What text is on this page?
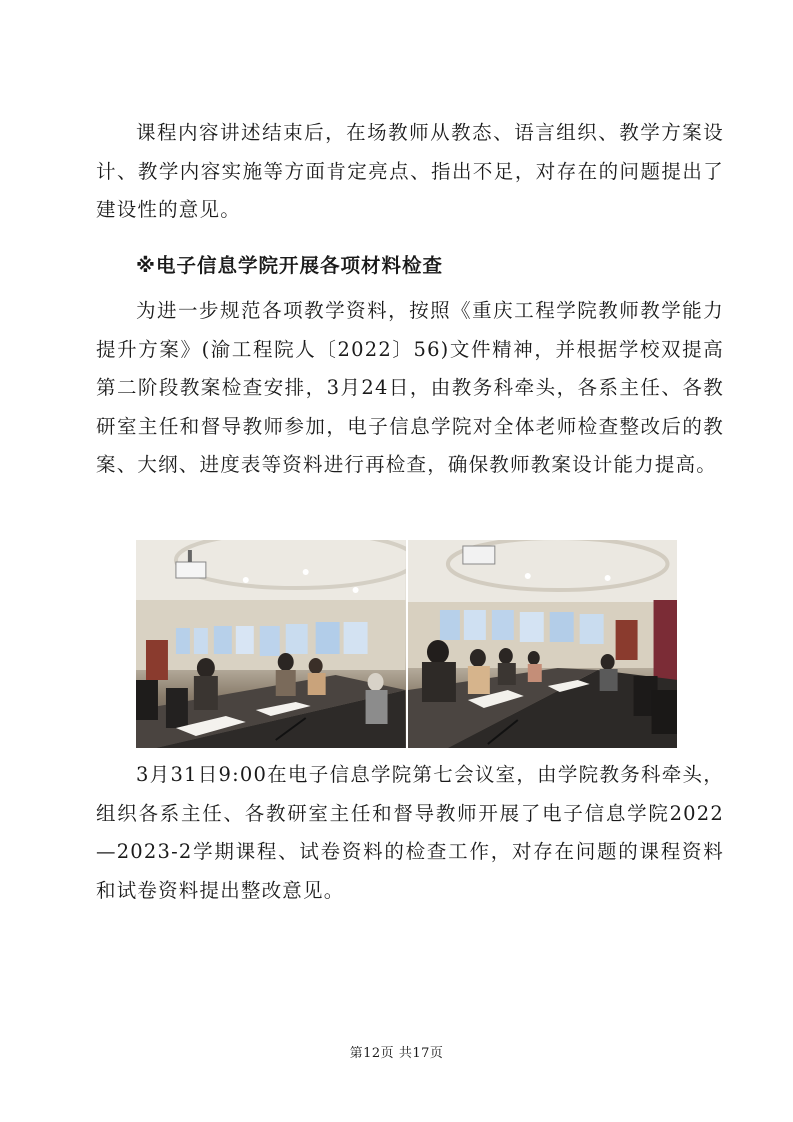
课程内容讲述结束后，在场教师从教态、语言组织、教学方案设计、教学内容实施等方面肯定亮点、指出不足，对存在的问题提出了建设性的意见。

※电子信息学院开展各项材料检查

为进一步规范各项教学资料，按照《重庆工程学院教师教学能力提升方案》(渝工程院人〔2022〕56)文件精神，并根据学校双提高第二阶段教案检查安排，3月24日，由教务科牵头，各系主任、各教研室主任和督导教师参加，电子信息学院对全体老师检查整改后的教案、大纲、进度表等资料进行再检查，确保教师教案设计能力提高。

3月31日9:00在电子信息学院第七会议室，由学院教务科牵头，组织各系主任、各教研室主任和督导教师开展了电子信息学院2022—2023-2学期课程、试卷资料的检查工作，对存在问题的课程资料和试卷资料提出整改意见。

第12页 共17页
